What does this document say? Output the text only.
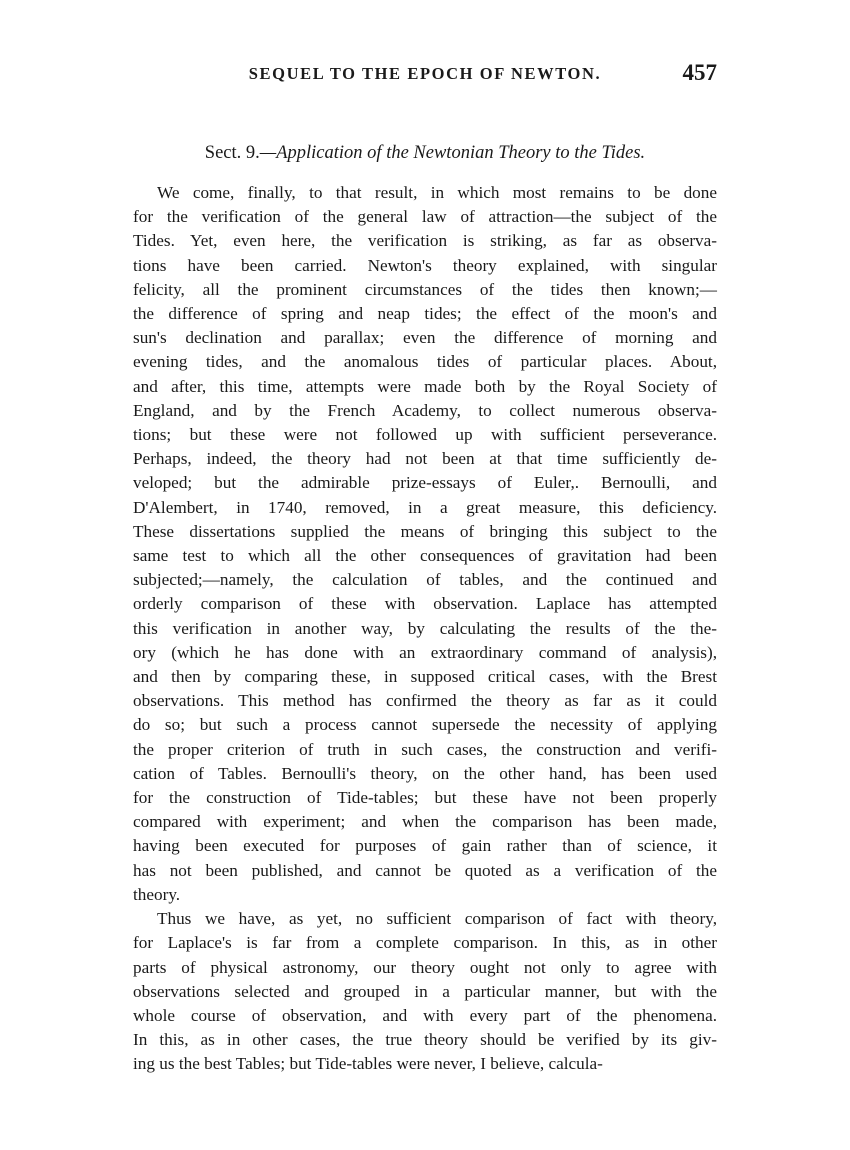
SEQUEL TO THE EPOCH OF NEWTON.	457
Sect. 9.—Application of the Newtonian Theory to the Tides.
We come, finally, to that result, in which most remains to be done
for the verification of the general law of attraction—the subject of the
Tides. Yet, even here, the verification is striking, as far as observa-
tions have been carried. Newton's theory explained, with singular
felicity, all the prominent circumstances of the tides then known;—
the difference of spring and neap tides; the effect of the moon's and
sun's declination and parallax; even the difference of morning and
evening tides, and the anomalous tides of particular places. About,
and after, this time, attempts were made both by the Royal Society of
England, and by the French Academy, to collect numerous observa-
tions; but these were not followed up with sufficient perseverance.
Perhaps, indeed, the theory had not been at that time sufficiently de-
veloped; but the admirable prize-essays of Euler,. Bernoulli, and
D'Alembert, in 1740, removed, in a great measure, this deficiency.
These dissertations supplied the means of bringing this subject to the
same test to which all the other consequences of gravitation had been
subjected;—namely, the calculation of tables, and the continued and
orderly comparison of these with observation. Laplace has attempted
this verification in another way, by calculating the results of the the-
ory (which he has done with an extraordinary command of analysis),
and then by comparing these, in supposed critical cases, with the Brest
observations. This method has confirmed the theory as far as it could
do so; but such a process cannot supersede the necessity of applying
the proper criterion of truth in such cases, the construction and verifi-
cation of Tables. Bernoulli's theory, on the other hand, has been used
for the construction of Tide-tables; but these have not been properly
compared with experiment; and when the comparison has been made,
having been executed for purposes of gain rather than of science, it
has not been published, and cannot be quoted as a verification of the
theory.
Thus we have, as yet, no sufficient comparison of fact with theory,
for Laplace's is far from a complete comparison. In this, as in other
parts of physical astronomy, our theory ought not only to agree with
observations selected and grouped in a particular manner, but with the
whole course of observation, and with every part of the phenomena.
In this, as in other cases, the true theory should be verified by its giv-
ing us the best Tables; but Tide-tables were never, I believe, calcula-
